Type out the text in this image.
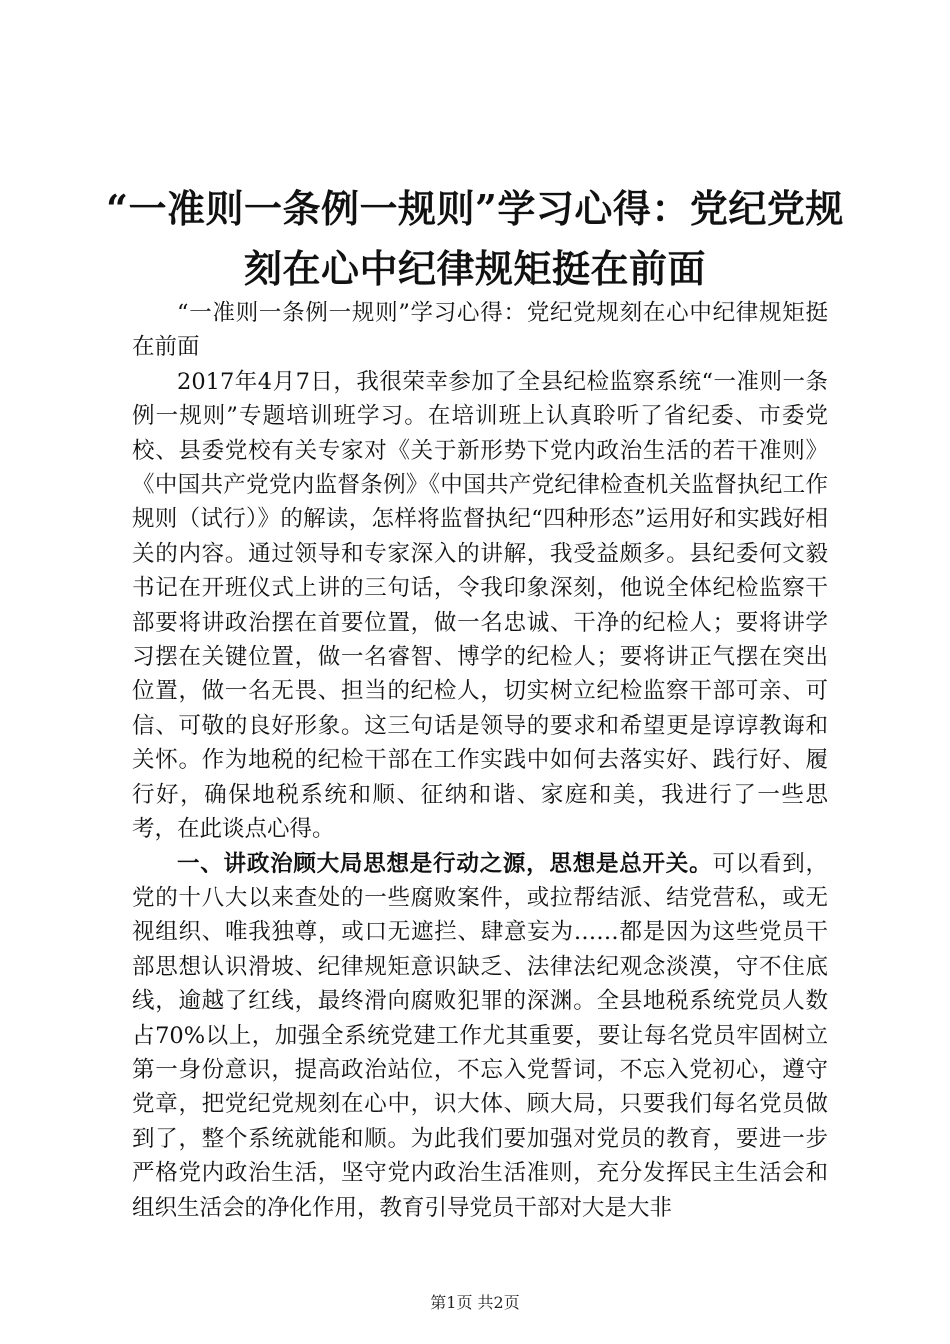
“一准则一条例一规则”学习心得：党纪党规
刻在心中纪律规矩挺在前面

“一准则一条例一规则”学习心得：党纪党规刻在心中纪律规矩挺在前面

2017年4月7日，我很荣幸参加了全县纪检监察系统“一准则一条例一规则”专题培训班学习。在培训班上认真聆听了省纪委、市委党校、县委党校有关专家对《关于新形势下党内政治生活的若干准则》《中国共产党党内监督条例》《中国共产党纪律检查机关监督执纪工作规则（试行）》的解读，怎样将监督执纪“四种形态”运用好和实践好相关的内容。通过领导和专家深入的讲解，我受益颇多。县纪委何文毅书记在开班仪式上讲的三句话，令我印象深刻，他说全体纪检监察干部要将讲政治摆在首要位置，做一名忠诚、干净的纪检人；要将讲学习摆在关键位置，做一名睿智、博学的纪检人；要将讲正气摆在突出位置，做一名无畏、担当的纪检人，切实树立纪检监察干部可亲、可信、可敬的良好形象。这三句话是领导的要求和希望更是谆谆教诲和关怀。作为地税的纪检干部在工作实践中如何去落实好、践行好、履行好，确保地税系统和顺、征纳和谐、家庭和美，我进行了一些思考，在此谈点心得。

一、讲政治顾大局思想是行动之源，思想是总开关。可以看到，党的十八大以来查处的一些腐败案件，或拉帮结派、结党营私，或无视组织、唯我独尊，或口无遮拦、肆意妄为……都是因为这些党员干部思想认识滑坡、纪律规矩意识缺乏、法律法纪观念淡漠，守不住底线，逾越了红线，最终滑向腐败犯罪的深渊。全县地税系统党员人数占70%以上，加强全系统党建工作尤其重要，要让每名党员牢固树立第一身份意识，提高政治站位，不忘入党誓词，不忘入党初心，遵守党章，把党纪党规刻在心中，识大体、顾大局，只要我们每名党员做到了，整个系统就能和顺。为此我们要加强对党员的教育，要进一步严格党内政治生活，坚守党内政治生活准则，充分发挥民主生活会和组织生活会的净化作用，教育引导党员干部对大是大非

第1页 共2页
